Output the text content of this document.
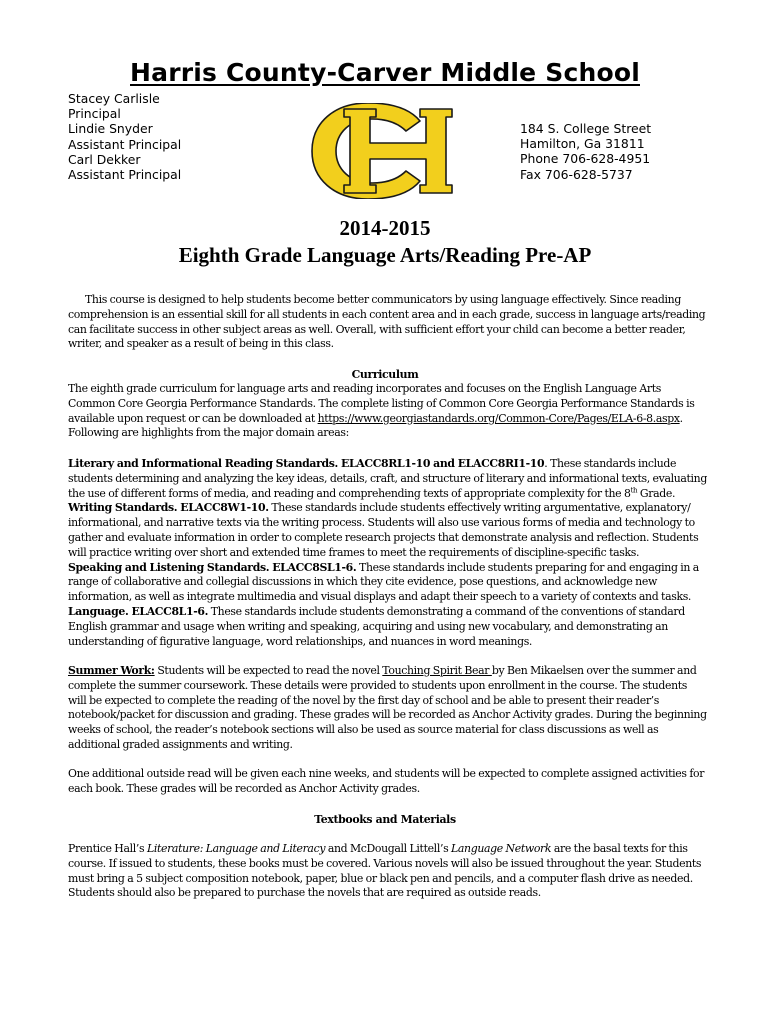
Harris County-Carver Middle School
Stacey Carlisle
Principal
Lindie Snyder
Assistant Principal
Carl Dekker
Assistant Principal
184 S. College Street
Hamilton, Ga 31811
Phone 706-628-4951
Fax 706-628-5737
2014-2015
Eighth Grade Language Arts/Reading Pre-AP
This course is designed to help students become better communicators by using language effectively. Since reading comprehension is an essential skill for all students in each content area and in each grade, success in language arts/reading can facilitate success in other subject areas as well. Overall, with sufficient effort your child can become a better reader, writer, and speaker as a result of being in this class.
Curriculum
The eighth grade curriculum for language arts and reading incorporates and focuses on the English Language Arts Common Core Georgia Performance Standards. The complete listing of Common Core Georgia Performance Standards is available upon request or can be downloaded at https://www.georgiastandards.org/Common-Core/Pages/ELA-6-8.aspx. Following are highlights from the major domain areas:

Literary and Informational Reading Standards. ELACC8RL1-10 and ELACC8RI1-10. These standards include students determining and analyzing the key ideas, details, craft, and structure of literary and informational texts, evaluating the use of different forms of media, and reading and comprehending texts of appropriate complexity for the 8th Grade.

Writing Standards. ELACC8W1-10. These standards include students effectively writing argumentative, explanatory/ informational, and narrative texts via the writing process. Students will also use various forms of media and technology to gather and evaluate information in order to complete research projects that demonstrate analysis and reflection. Students will practice writing over short and extended time frames to meet the requirements of discipline-specific tasks.

Speaking and Listening Standards. ELACC8SL1-6. These standards include students preparing for and engaging in a range of collaborative and collegial discussions in which they cite evidence, pose questions, and acknowledge new information, as well as integrate multimedia and visual displays and adapt their speech to a variety of contexts and tasks.

Language. ELACC8L1-6. These standards include students demonstrating a command of the conventions of standard English grammar and usage when writing and speaking, acquiring and using new vocabulary, and demonstrating an understanding of figurative language, word relationships, and nuances in word meanings.

Summer Work: Students will be expected to read the novel Touching Spirit Bear by Ben Mikaelsen over the summer and complete the summer coursework. These details were provided to students upon enrollment in the course. The students will be expected to complete the reading of the novel by the first day of school and be able to present their reader’s notebook/packet for discussion and grading. These grades will be recorded as Anchor Activity grades. During the beginning weeks of school, the reader’s notebook sections will also be used as source material for class discussions as well as additional graded assignments and writing.
One additional outside read will be given each nine weeks, and students will be expected to complete assigned activities for each book. These grades will be recorded as Anchor Activity grades.
Textbooks and Materials
Prentice Hall’s Literature: Language and Literacy and McDougall Littell’s Language Network are the basal texts for this course. If issued to students, these books must be covered. Various novels will also be issued throughout the year. Students must bring a 5 subject composition notebook, paper, blue or black pen and pencils, and a computer flash drive as needed. Students should also be prepared to purchase the novels that are required as outside reads.
